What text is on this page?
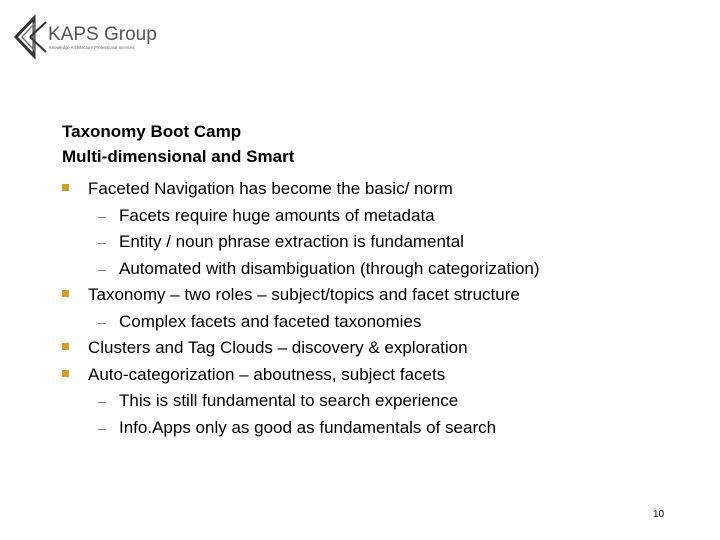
KAPS Group
Knowledge Architecture Professional Services
Taxonomy Boot Camp
Multi-dimensional and Smart
Faceted Navigation has become the basic/ norm
– Facets require huge amounts of metadata
– Entity / noun phrase extraction is fundamental
– Automated with disambiguation (through categorization)
Taxonomy – two roles – subject/topics and facet structure
– Complex facets and faceted taxonomies
Clusters and Tag Clouds – discovery & exploration
Auto-categorization – aboutness, subject facets
– This is still fundamental to search experience
– Info.Apps only as good as fundamentals of search
10
